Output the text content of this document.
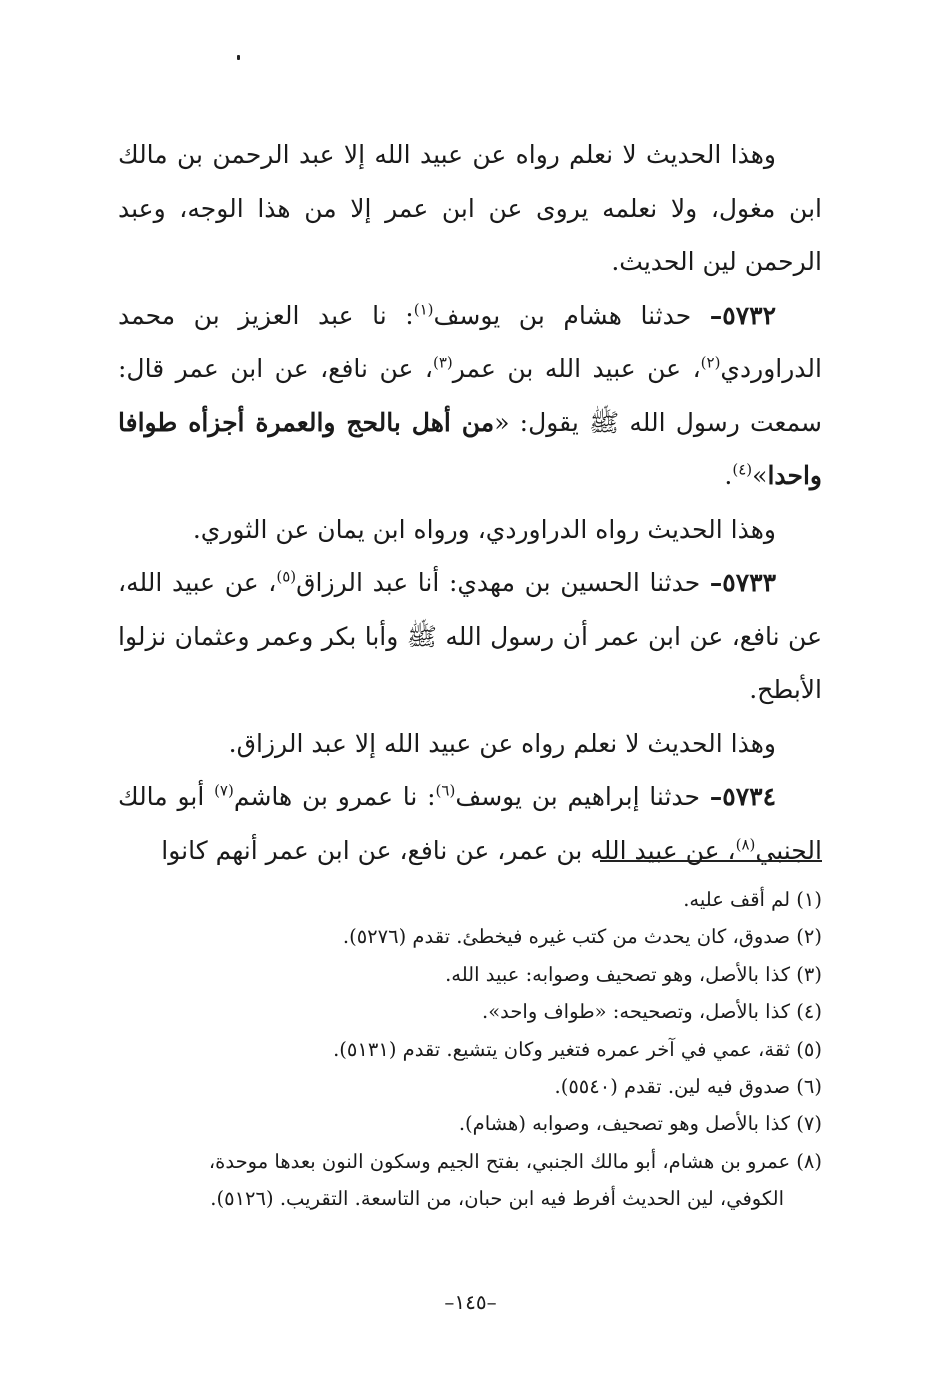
وهذا الحديث لا نعلم رواه عن عبيد الله إلا عبد الرحمن بن مالك ابن مغول، ولا نعلمه يروى عن ابن عمر إلا من هذا الوجه، وعبد الرحمن لين الحديث.

٥٧٣٢– حدثنا هشام بن يوسف$^{(١)}$: نا عبد العزيز بن محمد الدراوردي$^{(٢)}$، عن عبيد الله بن عمر$^{(٣)}$، عن نافع، عن ابن عمر قال: سمعت رسول الله ﷺ يقول: «من أهل بالحج والعمرة أجزأه طوافا واحدا»$^{(٤)}$.

وهذا الحديث رواه الدراوردي، ورواه ابن يمان عن الثوري.

٥٧٣٣– حدثنا الحسين بن مهدي: أنا عبد الرزاق$^{(٥)}$، عن عبيد الله، عن نافع، عن ابن عمر أن رسول الله ﷺ وأبا بكر وعمر وعثمان نزلوا الأبطح.

وهذا الحديث لا نعلم رواه عن عبيد الله إلا عبد الرزاق.

٥٧٣٤– حدثنا إبراهيم بن يوسف$^{(٦)}$: نا عمرو بن هاشم$^{(٧)}$ أبو مالك الجنبي$^{(٨)}$، عن عبيد الله بن عمر، عن نافع، عن ابن عمر أنهم كانوا

(١) لم أقف عليه.

(٢) صدوق، كان يحدث من كتب غيره فيخطئ. تقدم (٥٢٧٦).

(٣) كذا بالأصل، وهو تصحيف وصوابه: عبيد الله.

(٤) كذا بالأصل، وتصحيحه: «طواف واحد».

(٥) ثقة، عمي في آخر عمره فتغير وكان يتشيع. تقدم (٥١٣١).

(٦) صدوق فيه لين. تقدم (٥٥٤٠).

(٧) كذا بالأصل وهو تصحيف، وصوابه (هشام).

(٨) عمرو بن هشام، أبو مالك الجنبي، بفتح الجيم وسكون النون بعدها موحدة،

الكوفي، لين الحديث أفرط فيه ابن حبان، من التاسعة. التقريب. (٥١٢٦).

–١٤٥–
